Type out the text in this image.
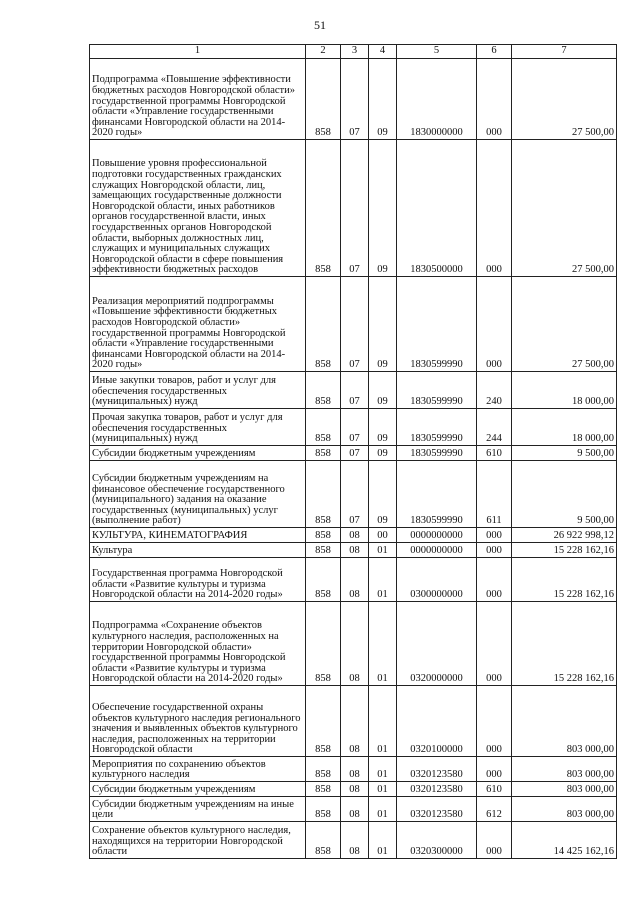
51
1	2	3	4	5	6	7
Подпрограмма «Повышение эффективности бюджетных расходов Новгородской области» государственной программы Новгородской области «Управление государственными финансами Новгородской области на 2014-2020 годы»	858	07	09	1830000000	000	27 500,00
Повышение уровня профессиональной подготовки государственных гражданских служащих Новгородской области, лиц, замещающих государственные должности Новгородской области, иных работников органов государственной власти, иных государственных органов Новгородской области, выборных должностных лиц, служащих и муниципальных служащих Новгородской области в сфере повышения эффективности бюджетных расходов	858	07	09	1830500000	000	27 500,00
Реализация мероприятий подпрограммы «Повышение эффективности бюджетных расходов Новгородской области» государственной программы Новгородской области «Управление государственными финансами Новгородской области на 2014-2020 годы»	858	07	09	1830599990	000	27 500,00
Иные закупки товаров, работ и услуг для обеспечения государственных (муниципальных) нужд	858	07	09	1830599990	240	18 000,00
Прочая закупка товаров, работ и услуг для обеспечения государственных (муниципальных) нужд	858	07	09	1830599990	244	18 000,00
Субсидии бюджетным учреждениям	858	07	09	1830599990	610	9 500,00
Субсидии бюджетным учреждениям на финансовое обеспечение государственного (муниципального) задания на оказание государственных (муниципальных) услуг (выполнение работ)	858	07	09	1830599990	611	9 500,00
КУЛЬТУРА, КИНЕМАТОГРАФИЯ	858	08	00	0000000000	000	26 922 998,12
Культура	858	08	01	0000000000	000	15 228 162,16
Государственная программа Новгородской области «Развитие культуры и туризма Новгородской области на 2014-2020 годы»	858	08	01	0300000000	000	15 228 162,16
Подпрограмма «Сохранение объектов культурного наследия, расположенных на территории Новгородской области» государственной программы Новгородской области «Развитие культуры и туризма Новгородской области на 2014-2020 годы»	858	08	01	0320000000	000	15 228 162,16
Обеспечение государственной охраны объектов культурного наследия регионального значения и выявленных объектов культурного наследия, расположенных на территории Новгородской области	858	08	01	0320100000	000	803 000,00
Мероприятия по сохранению объектов культурного наследия	858	08	01	0320123580	000	803 000,00
Субсидии бюджетным учреждениям	858	08	01	0320123580	610	803 000,00
Субсидии бюджетным учреждениям на иные цели	858	08	01	0320123580	612	803 000,00
Сохранение объектов культурного наследия, находящихся на территории Новгородской области	858	08	01	0320300000	000	14 425 162,16
